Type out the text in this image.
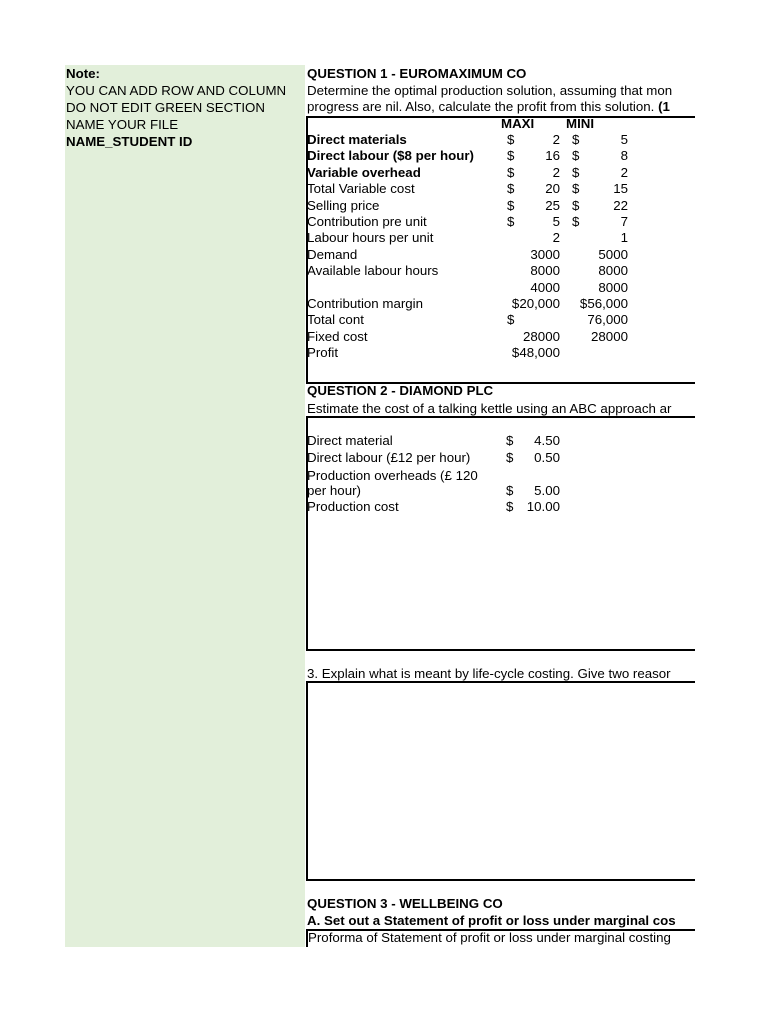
Note:
YOU CAN ADD ROW AND COLUMN
DO NOT EDIT GREEN SECTION
NAME YOUR FILE
NAME_STUDENT ID
QUESTION 1 - EUROMAXIMUM CO
Determine the optimal production solution, assuming that mon
progress are nil. Also, calculate the profit from this solution. (1
MAXI MINI
Direct materials	$	2 $	5
Direct labour ($8 per hour) $	16 $	8
Variable overhead	$	2 $	2
Total Variable cost	$	20 $	15
Selling price	$	25 $	22
Contribution pre unit	$	5 $	7
Labour hours per unit	2	1
Demand	3000	5000
Available labour hours	8000	8000
4000	8000
Contribution margin	$20,000	$56,000
Total cont	$	76,000
Fixed cost	28000	28000
Profit	$48,000
QUESTION 2 - DIAMOND PLC
Estimate the cost of a talking kettle using an ABC approach ar
Direct material	$	4.50
Direct labour (£12 per hour)	$	0.50
Production overheads (£ 120
per hour)	$	5.00
Production cost	$	10.00
3. Explain what is meant by life-cycle costing. Give two reasor
QUESTION 3 - WELLBEING CO
A. Set out a Statement of profit or loss under marginal cos
Proforma of Statement of profit or loss under marginal costing
